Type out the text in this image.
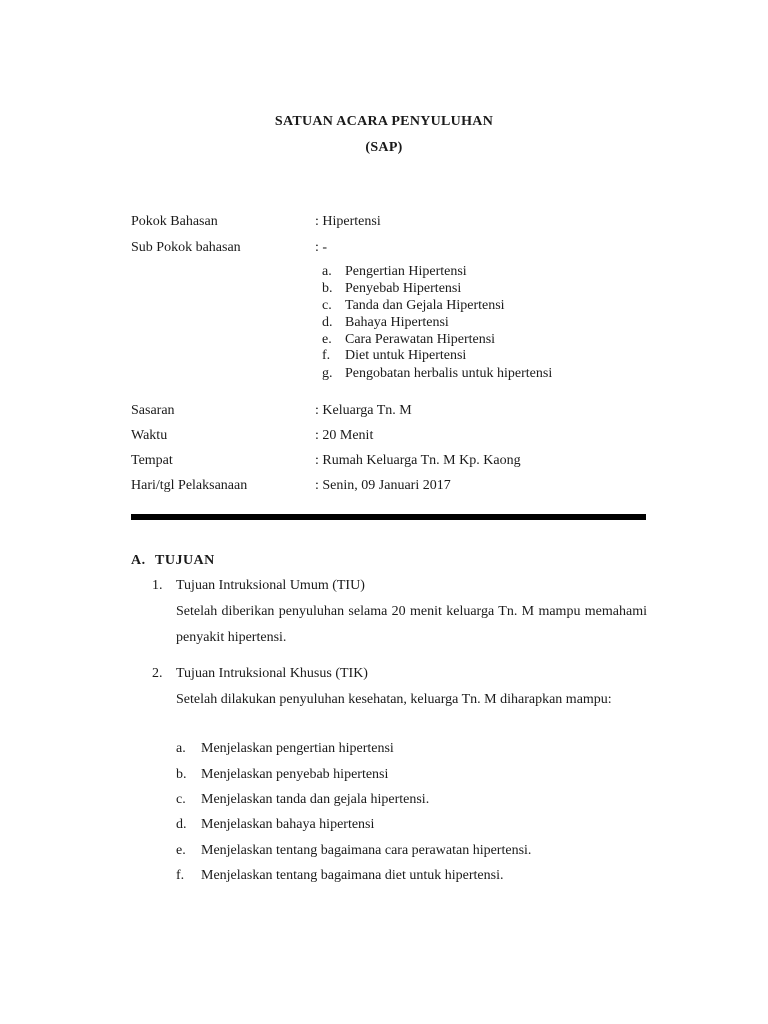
SATUAN ACARA PENYULUHAN
(SAP)
Pokok Bahasan	: Hipertensi
Sub Pokok bahasan	: -
a. Pengertian Hipertensi
b. Penyebab Hipertensi
c. Tanda dan Gejala Hipertensi
d. Bahaya Hipertensi
e. Cara Perawatan Hipertensi
f.	Diet untuk Hipertensi
g. Pengobatan herbalis untuk hipertensi
Sasaran	: Keluarga Tn. M
Waktu	: 20 Menit
Tempat	: Rumah Keluarga Tn. M Kp. Kaong
Hari/tgl Pelaksanaan	: Senin, 09 Januari 2017
A. TUJUAN
1. Tujuan Intruksional Umum (TIU)
Setelah diberikan penyuluhan selama 20 menit keluarga Tn. M mampu memahami penyakit hipertensi.
2. Tujuan Intruksional Khusus (TIK)
Setelah dilakukan penyuluhan kesehatan, keluarga Tn. M diharapkan mampu:
a. Menjelaskan pengertian hipertensi
b. Menjelaskan penyebab hipertensi
c. Menjelaskan tanda dan gejala hipertensi.
d. Menjelaskan bahaya hipertensi
e. Menjelaskan tentang bagaimana cara perawatan hipertensi.
f. Menjelaskan tentang bagaimana diet untuk hipertensi.
